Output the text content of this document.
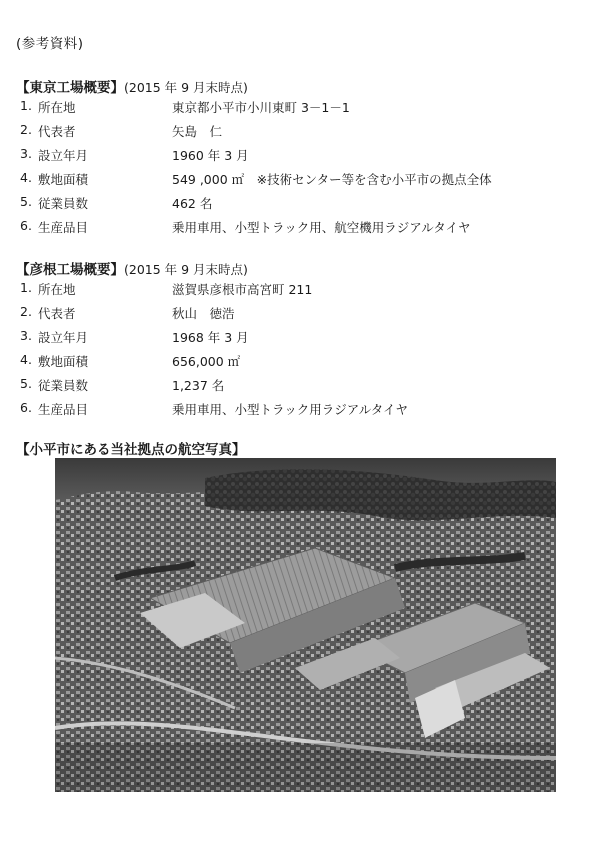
(参考資料)
【東京工場概要】(2015 年 9 月末時点)
1. 所在地	東京都小平市小川東町 3－1－1
2. 代表者	矢島　仁
3. 設立年月	1960 年 3 月
4. 敷地面積	549 ,000 ㎡　※技術センター等を含む小平市の拠点全体
5. 従業員数	462 名
6. 生産品目	乗用車用、小型トラック用、航空機用ラジアルタイヤ
【彦根工場概要】(2015 年 9 月末時点)
1. 所在地	滋賀県彦根市高宮町 211
2. 代表者	秋山　徳浩
3. 設立年月	1968 年 3 月
4. 敷地面積	656,000 ㎡
5. 従業員数	1,237 名
6. 生産品目	乗用車用、小型トラック用ラジアルタイヤ
【小平市にある当社拠点の航空写真】
